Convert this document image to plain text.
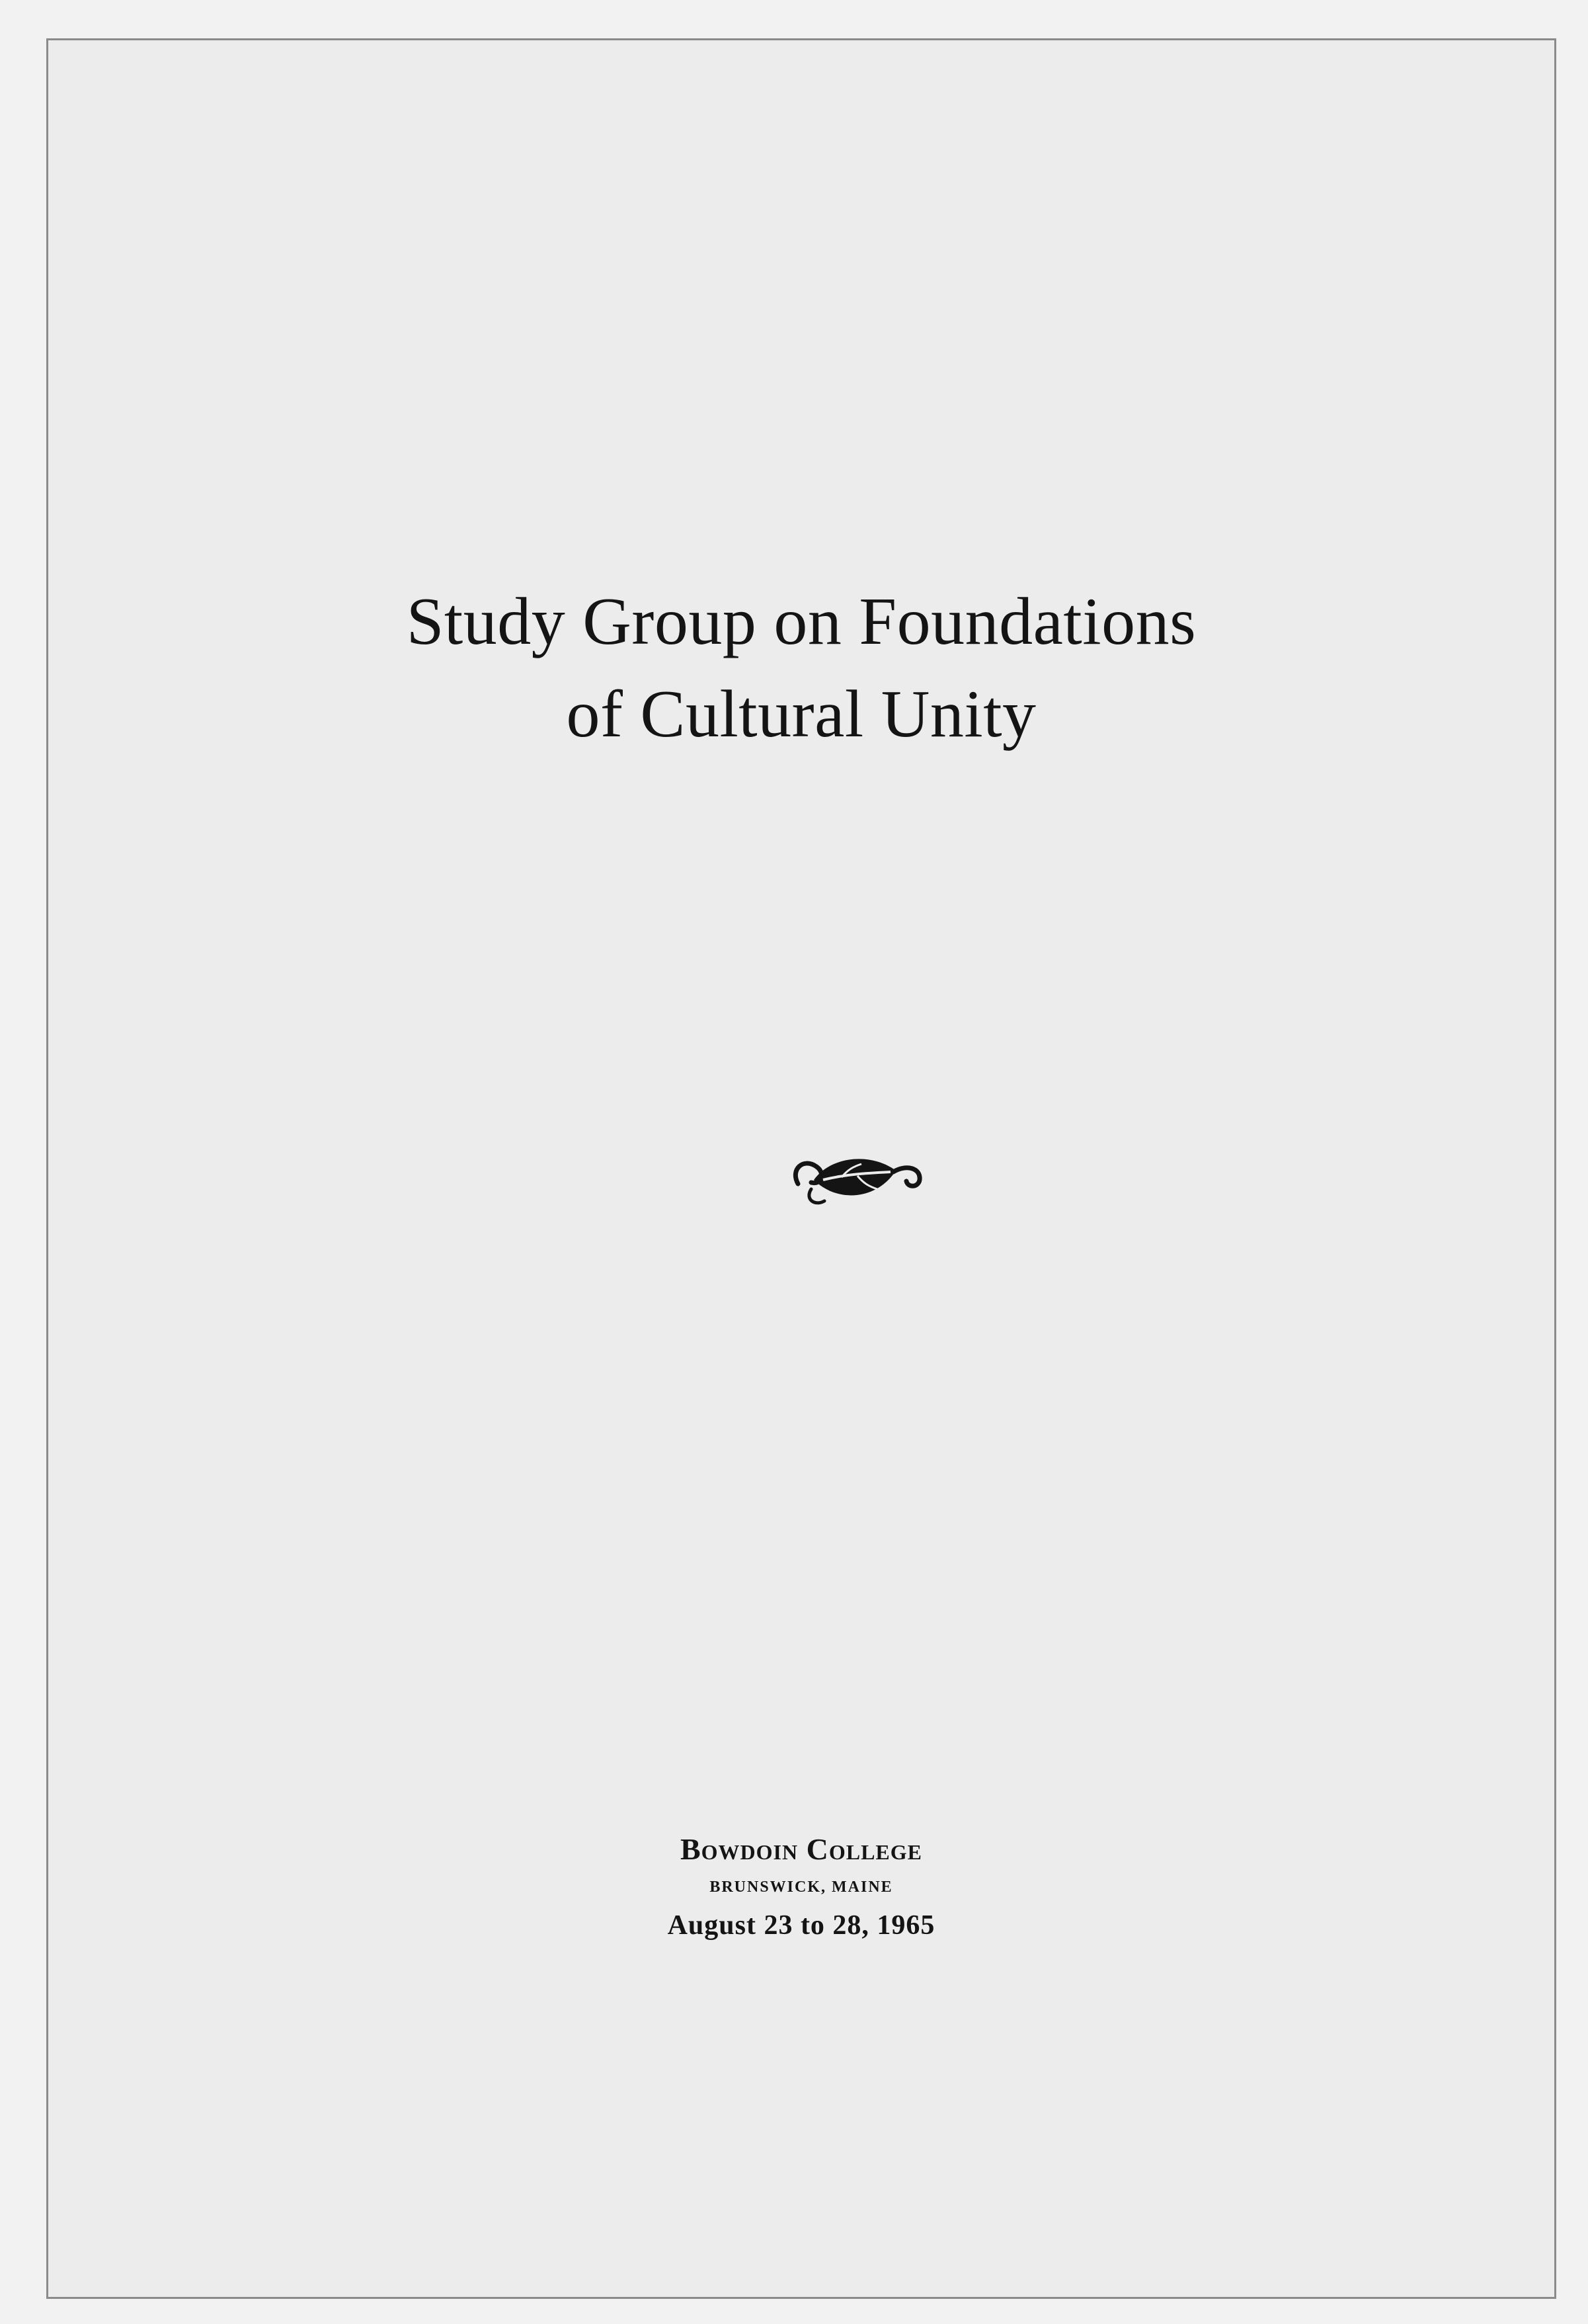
Study Group on Foundations
of Cultural Unity
Bowdoin College
BRUNSWICK, MAINE
August 23 to 28, 1965
